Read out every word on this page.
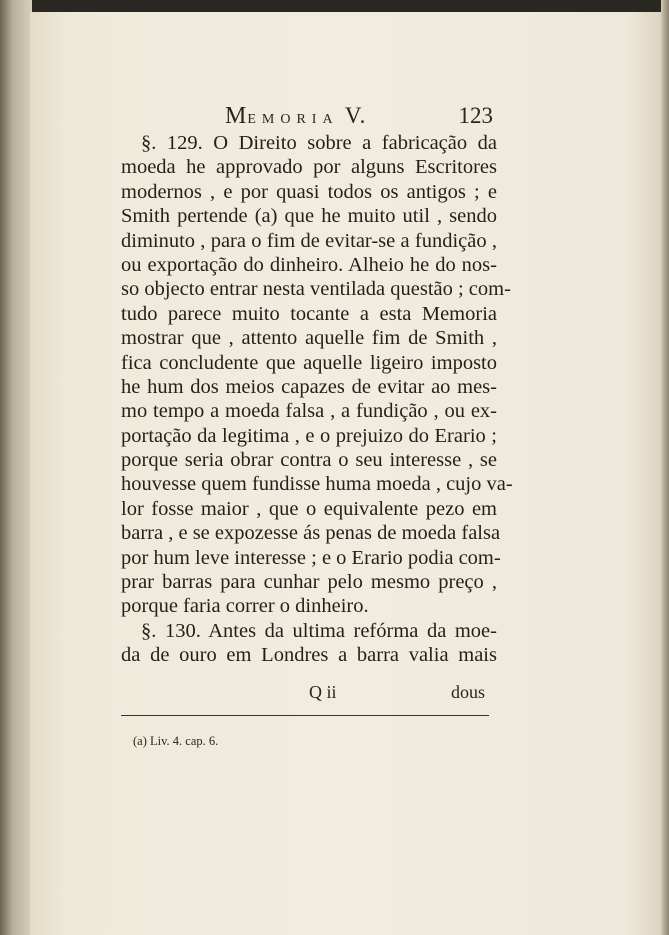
MEMORIA V.	123
§. 129. O Direito sobre a fabricação da
moeda he approvado por alguns Escritores
modernos , e por quasi todos os antigos ; e
Smith pertende (a) que he muito util , sendo
diminuto , para o fim de evitar-se a fundição ,
ou exportação do dinheiro. Alheio he do nos-
so objecto entrar nesta ventilada questão ; com-
tudo parece muito tocante a esta Memoria
mostrar que , attento aquelle fim de Smith ,
fica concludente que aquelle ligeiro imposto
he hum dos meios capazes de evitar ao mes-
mo tempo a moeda falsa , a fundição , ou ex-
portação da legitima , e o prejuizo do Erario ;
porque seria obrar contra o seu interesse , se
houvesse quem fundisse huma moeda , cujo va-
lor fosse maior , que o equivalente pezo em
barra , e se expozesse ás penas de moeda falsa
por hum leve interesse ; e o Erario podia com-
prar barras para cunhar pelo mesmo preço ,
porque faria correr o dinheiro.
§. 130. Antes da ultima refórma da moe-
da de ouro em Londres a barra valia mais
Q ii	dous
(a) Liv. 4. cap. 6.
